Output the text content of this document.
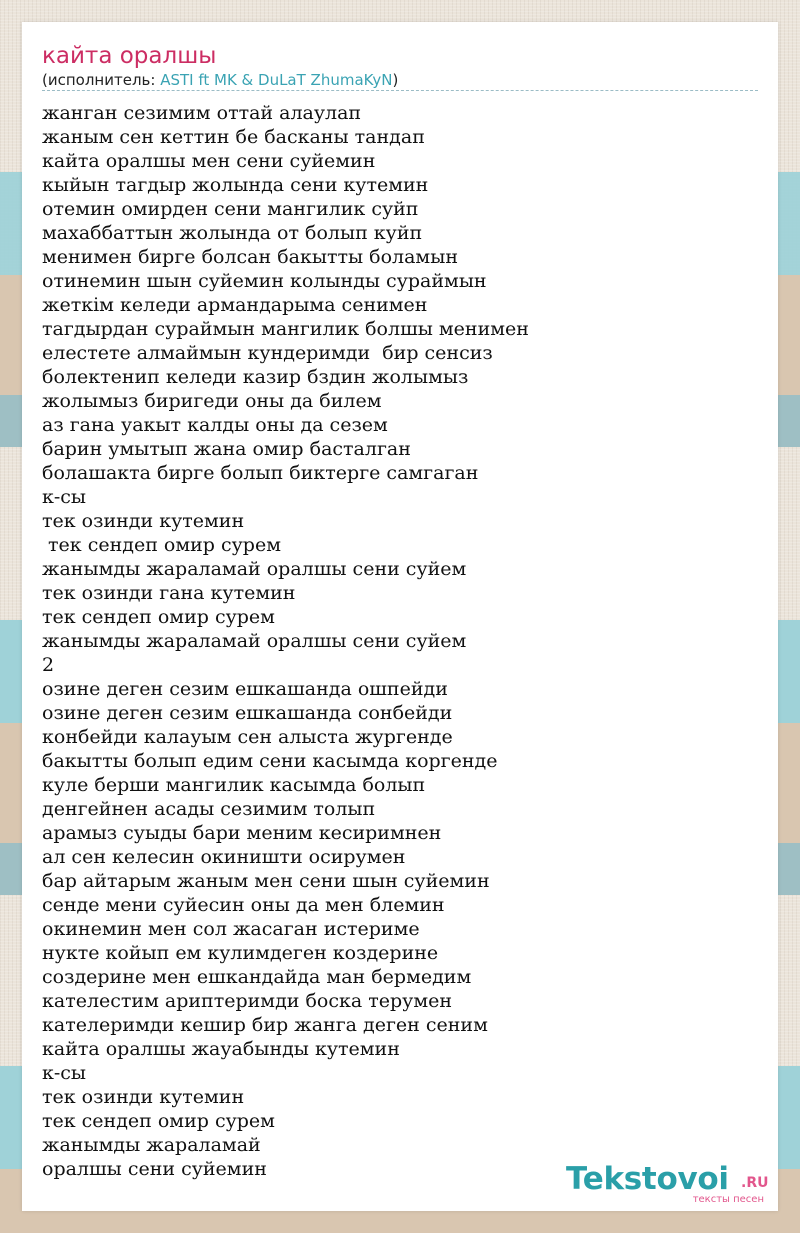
кайта оралшы
(исполнитель: ASTI ft MK & DuLaT ZhumaKyN)
жанган сезимим оттай алаулап
жаным сен кеттин бе басканы тандап
кайта оралшы мен сени суйемин
кыйын тагдыр жолында сени кутемин
отемин омирден сени мангилик суйп
махаббаттын жолында от болып куйп
менимен бирге болсан бакытты боламын
отинемин шын суйемин колынды сураймын
жеткім келеди армандарыма сенимен
тагдырдан сураймын мангилик болшы менимен
елестете алмаймын кундеримди  бир сенсиз
болектенип келеди казир бздин жолымыз
жолымыз биригеди оны да билем
аз гана уакыт калды оны да сезем
барин умытып жана омир басталган
болашакта бирге болып биктерге самгаган
к-сы
тек озинди кутемин
тек сендеп омир сурем
жанымды жараламай оралшы сени суйем
тек озинди гана кутемин
тек сендеп омир сурем
жанымды жараламай оралшы сени суйем
2
озине деген сезим ешкашанда ошпейди
озине деген сезим ешкашанда сонбейди
конбейди калауым сен алыста жургенде
бакытты болып едим сени касымда коргенде
куле берши мангилик касымда болып
денгейнен асады сезимим толып
арамыз суыды бари меним кесиримнен
ал сен келесин окиништи осирумен
бар айтарым жаным мен сени шын суйемин
сенде мени суйесин оны да мен блемин
окинемин мен сол жасаган истериме
нукте койып ем кулимдеген коздерине
создерине мен ешкандайда ман бермедим
кателестим ариптеримди боска терумен
кателеримди кешир бир жанга деген сеним
кайта оралшы жауабынды кутемин
к-сы
тек озинди кутемин
тек сендеп омир сурем
жанымды жараламай
оралшы сени суйемин	Tekstovoi .RU
тексты песен
